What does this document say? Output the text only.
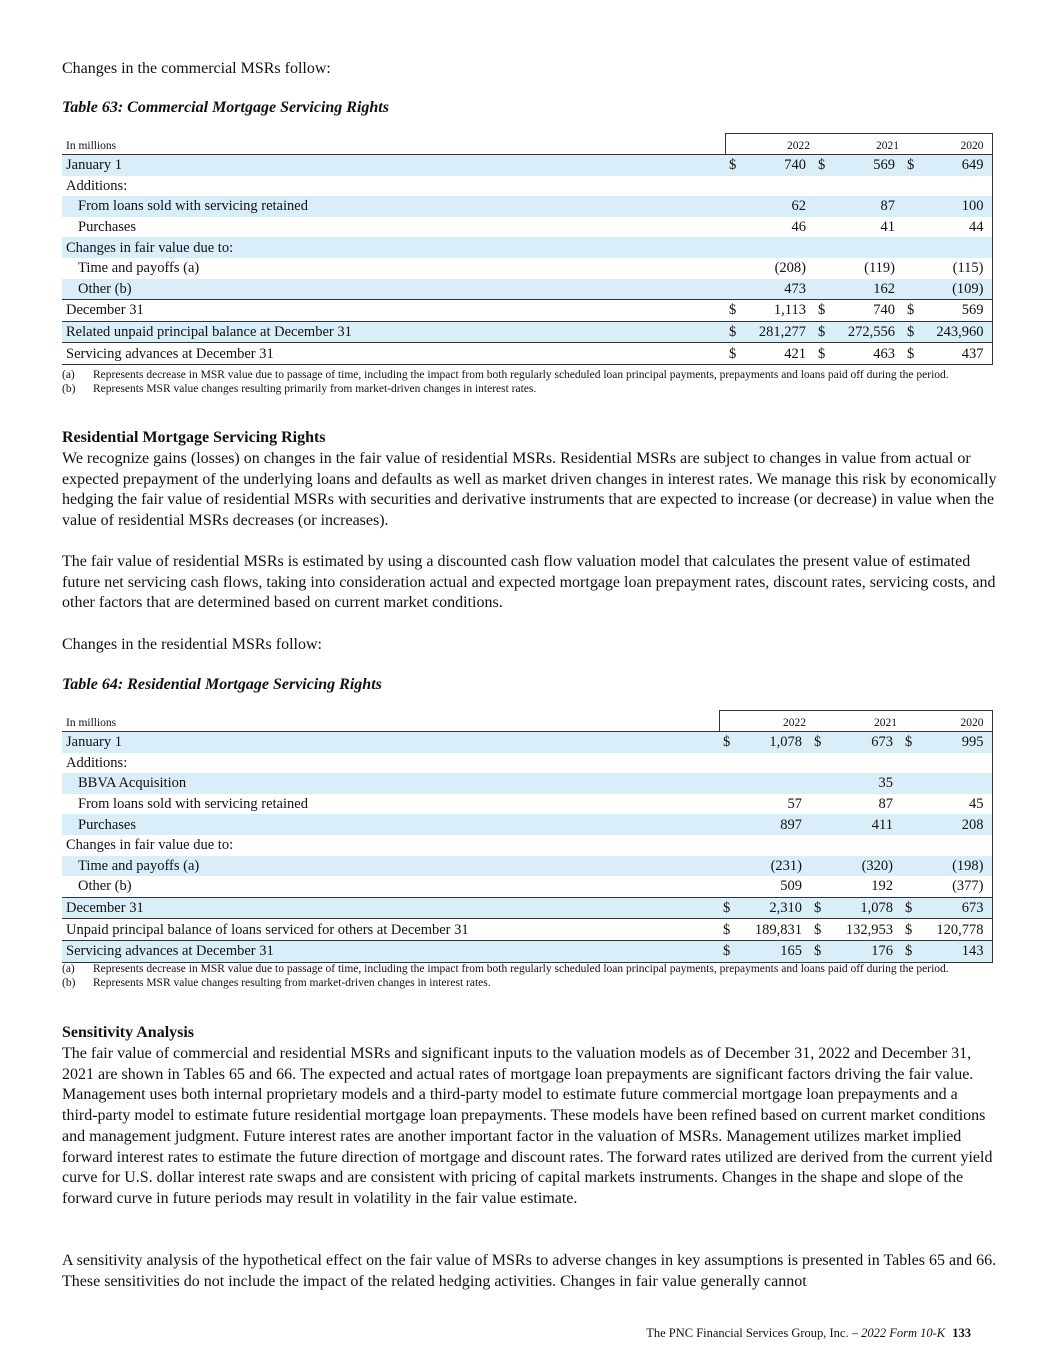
Changes in the commercial MSRs follow:

Table 63: Commercial Mortgage Servicing Rights

In millions	2022		2021		2020	
January 1	$	740	$	569	$	649
Additions:						
From loans sold with servicing retained		62		87		100
Purchases		46		41		44
Changes in fair value due to:						
Time and payoffs (a)		(208)		(119)		(115)
Other (b)		473		162		(109)
December 31	$	1,113	$	740	$	569
Related unpaid principal balance at December 31	$	281,277	$	272,556	$	243,960
Servicing advances at December 31	$	421	$	463	$	437
(a)	Represents decrease in MSR value due to passage of time, including the impact from both regularly scheduled loan principal payments, prepayments and loans paid off during the period.
(b)	Represents MSR value changes resulting primarily from market-driven changes in interest rates.

Residential Mortgage Servicing Rights

We recognize gains (losses) on changes in the fair value of residential MSRs. Residential MSRs are subject to changes in value from actual or expected prepayment of the underlying loans and defaults as well as market driven changes in interest rates. We manage this risk by economically hedging the fair value of residential MSRs with securities and derivative instruments that are expected to increase (or decrease) in value when the value of residential MSRs decreases (or increases).

The fair value of residential MSRs is estimated by using a discounted cash flow valuation model that calculates the present value of estimated future net servicing cash flows, taking into consideration actual and expected mortgage loan prepayment rates, discount rates, servicing costs, and other factors that are determined based on current market conditions.

Changes in the residential MSRs follow:

Table 64: Residential Mortgage Servicing Rights

In millions	2022		2021		2020	
January 1	$	1,078	$	673	$	995
Additions:						
BBVA Acquisition				35		
From loans sold with servicing retained		57		87		45
Purchases		897		411		208
Changes in fair value due to:						
Time and payoffs (a)		(231)		(320)		(198)
Other (b)		509		192		(377)
December 31	$	2,310	$	1,078	$	673
Unpaid principal balance of loans serviced for others at December 31	$	189,831	$	132,953	$	120,778
Servicing advances at December 31	$	165	$	176	$	143
(a)	Represents decrease in MSR value due to passage of time, including the impact from both regularly scheduled loan principal payments, prepayments and loans paid off during the period.
(b)	Represents MSR value changes resulting from market-driven changes in interest rates.

Sensitivity Analysis

The fair value of commercial and residential MSRs and significant inputs to the valuation models as of December 31, 2022 and December 31, 2021 are shown in Tables 65 and 66. The expected and actual rates of mortgage loan prepayments are significant factors driving the fair value. Management uses both internal proprietary models and a third-party model to estimate future commercial mortgage loan prepayments and a third-party model to estimate future residential mortgage loan prepayments. These models have been refined based on current market conditions and management judgment. Future interest rates are another important factor in the valuation of MSRs. Management utilizes market implied forward interest rates to estimate the future direction of mortgage and discount rates. The forward rates utilized are derived from the current yield curve for U.S. dollar interest rate swaps and are consistent with pricing of capital markets instruments. Changes in the shape and slope of the forward curve in future periods may result in volatility in the fair value estimate.

A sensitivity analysis of the hypothetical effect on the fair value of MSRs to adverse changes in key assumptions is presented in Tables 65 and 66. These sensitivities do not include the impact of the related hedging activities. Changes in fair value generally cannot

The PNC Financial Services Group, Inc. – 2022 Form 10-K 133
